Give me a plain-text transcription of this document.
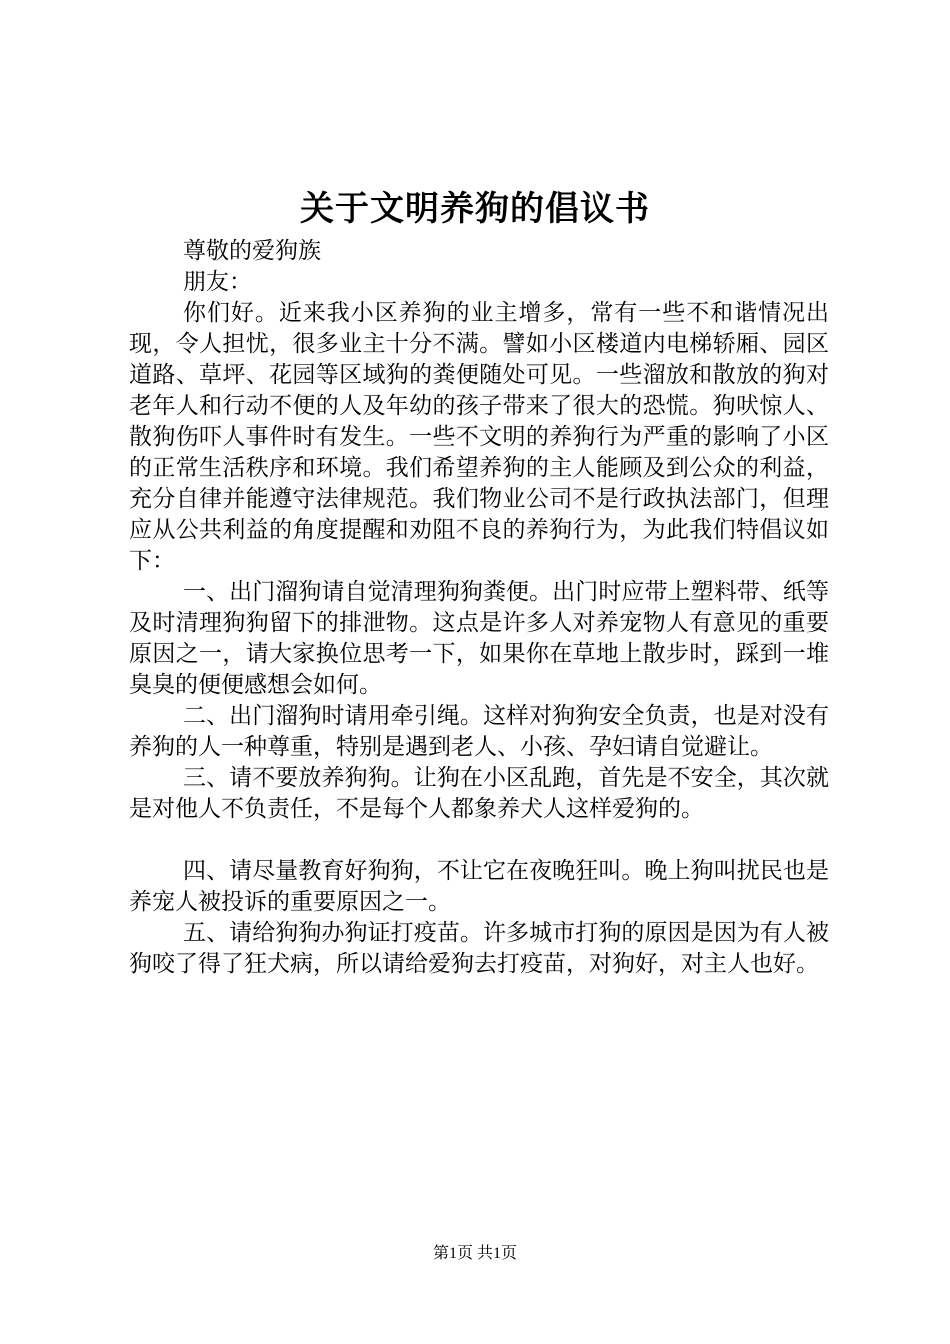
关于文明养狗的倡议书

尊敬的爱狗族

朋友：

你们好。近来我小区养狗的业主增多，常有一些不和谐情况出现，令人担忧，很多业主十分不满。譬如小区楼道内电梯轿厢、园区道路、草坪、花园等区域狗的粪便随处可见。一些溜放和散放的狗对老年人和行动不便的人及年幼的孩子带来了很大的恐慌。狗吠惊人、散狗伤吓人事件时有发生。一些不文明的养狗行为严重的影响了小区的正常生活秩序和环境。我们希望养狗的主人能顾及到公众的利益，充分自律并能遵守法律规范。我们物业公司不是行政执法部门，但理应从公共利益的角度提醒和劝阻不良的养狗行为，为此我们特倡议如下：

一、出门溜狗请自觉清理狗狗粪便。出门时应带上塑料带、纸等及时清理狗狗留下的排泄物。这点是许多人对养宠物人有意见的重要原因之一，请大家换位思考一下，如果你在草地上散步时，踩到一堆臭臭的便便感想会如何。

二、出门溜狗时请用牵引绳。这样对狗狗安全负责，也是对没有养狗的人一种尊重，特别是遇到老人、小孩、孕妇请自觉避让。

三、请不要放养狗狗。让狗在小区乱跑，首先是不安全，其次就是对他人不负责任，不是每个人都象养犬人这样爱狗的。

四、请尽量教育好狗狗，不让它在夜晚狂叫。晚上狗叫扰民也是养宠人被投诉的重要原因之一。

五、请给狗狗办狗证打疫苗。许多城市打狗的原因是因为有人被狗咬了得了狂犬病，所以请给爱狗去打疫苗，对狗好，对主人也好。

第1页 共1页
